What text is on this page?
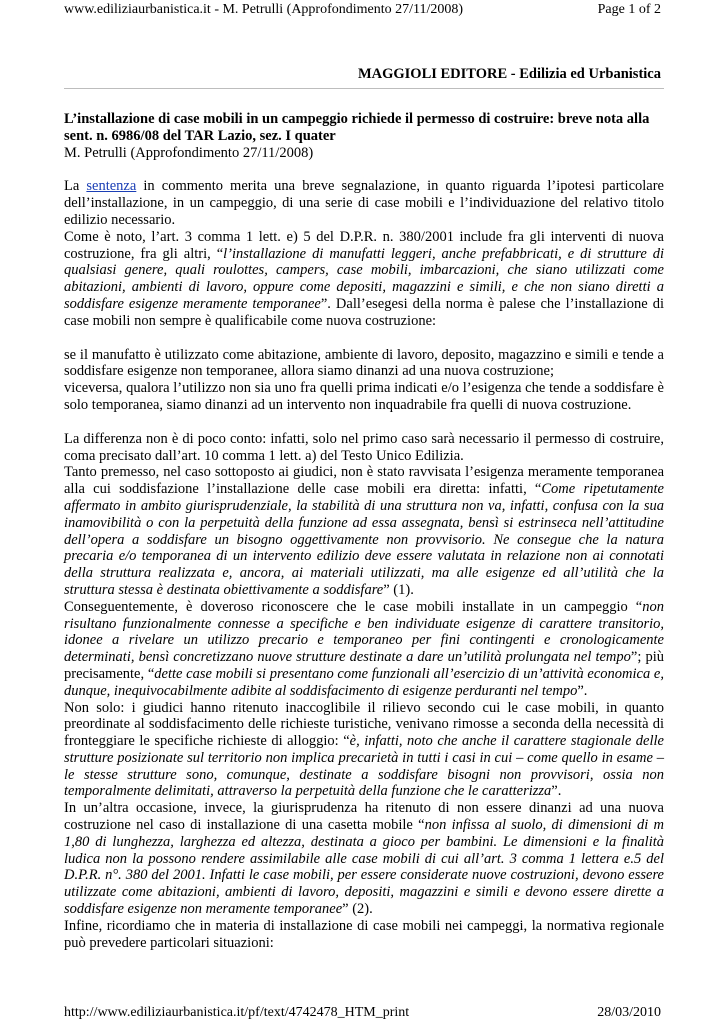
www.ediliziaurbanistica.it - M. Petrulli (Approfondimento 27/11/2008)	Page 1 of 2
MAGGIOLI EDITORE - Edilizia ed Urbanistica

L’installazione di case mobili in un campeggio richiede il permesso di costruire: breve nota alla sent. n. 6986/08 del TAR Lazio, sez. I quater

M. Petrulli (Approfondimento 27/11/2008)

La sentenza in commento merita una breve segnalazione, in quanto riguarda l’ipotesi particolare dell’installazione, in un campeggio, di una serie di case mobili e l’individuazione del relativo titolo edilizio necessario.

Come è noto, l’art. 3 comma 1 lett. e) 5 del D.P.R. n. 380/2001 include fra gli interventi di nuova costruzione, fra gli altri, “l’installazione di manufatti leggeri, anche prefabbricati, e di strutture di qualsiasi genere, quali roulottes, campers, case mobili, imbarcazioni, che siano utilizzati come abitazioni, ambienti di lavoro, oppure come depositi, magazzini e simili, e che non siano diretti a soddisfare esigenze meramente temporanee”. Dall’esegesi della norma è palese che l’installazione di case mobili non sempre è qualificabile come nuova costruzione:

se il manufatto è utilizzato come abitazione, ambiente di lavoro, deposito, magazzino e simili e tende a soddisfare esigenze non temporanee, allora siamo dinanzi ad una nuova costruzione;

viceversa, qualora l’utilizzo non sia uno fra quelli prima indicati e/o l’esigenza che tende a soddisfare è solo temporanea, siamo dinanzi ad un intervento non inquadrabile fra quelli di nuova costruzione.

La differenza non è di poco conto: infatti, solo nel primo caso sarà necessario il permesso di costruire, coma precisato dall’art. 10 comma 1 lett. a) del Testo Unico Edilizia.

Tanto premesso, nel caso sottoposto ai giudici, non è stato ravvisata l’esigenza meramente temporanea alla cui soddisfazione l’installazione delle case mobili era diretta: infatti, “Come ripetutamente affermato in ambito giurisprudenziale, la stabilità di una struttura non va, infatti, confusa con la sua inamovibilità o con la perpetuità della funzione ad essa assegnata, bensì si estrinseca nell’attitudine dell’opera a soddisfare un bisogno oggettivamente non provvisorio. Ne consegue che la natura precaria e/o temporanea di un intervento edilizio deve essere valutata in relazione non ai connotati della struttura realizzata e, ancora, ai materiali utilizzati, ma alle esigenze ed all’utilità che la struttura stessa è destinata obiettivamente a soddisfare” (1).

Conseguentemente, è doveroso riconoscere che le case mobili installate in un campeggio “non risultano funzionalmente connesse a specifiche e ben individuate esigenze di carattere transitorio, idonee a rivelare un utilizzo precario e temporaneo per fini contingenti e cronologicamente determinati, bensì concretizzano nuove strutture destinate a dare un’utilità prolungata nel tempo”; più precisamente, “dette case mobili si presentano come funzionali all’esercizio di un’attività economica e, dunque, inequivocabilmente adibite al soddisfacimento di esigenze perduranti nel tempo”.

Non solo: i giudici hanno ritenuto inaccoglibile il rilievo secondo cui le case mobili, in quanto preordinate al soddisfacimento delle richieste turistiche, venivano rimosse a seconda della necessità di fronteggiare le specifiche richieste di alloggio: “è, infatti, noto che anche il carattere stagionale delle strutture posizionate sul territorio non implica precarietà in tutti i casi in cui – come quello in esame – le stesse strutture sono, comunque, destinate a soddisfare bisogni non provvisori, ossia non temporalmente delimitati, attraverso la perpetuità della funzione che le caratterizza”.

In un’altra occasione, invece, la giurisprudenza ha ritenuto di non essere dinanzi ad una nuova costruzione nel caso di installazione di una casetta mobile “non infissa al suolo, di dimensioni di m 1,80 di lunghezza, larghezza ed altezza, destinata a gioco per bambini. Le dimensioni e la finalità ludica non la possono rendere assimilabile alle case mobili di cui all’art. 3 comma 1 lettera e.5 del D.P.R. n°. 380 del 2001. Infatti le case mobili, per essere considerate nuove costruzioni, devono essere utilizzate come abitazioni, ambienti di lavoro, depositi, magazzini e simili e devono essere dirette a soddisfare esigenze non meramente temporanee” (2).

Infine, ricordiamo che in materia di installazione di case mobili nei campeggi, la normativa regionale può prevedere particolari situazioni:

http://www.ediliziaurbanistica.it/pf/text/4742478_HTM_print	28/03/2010
